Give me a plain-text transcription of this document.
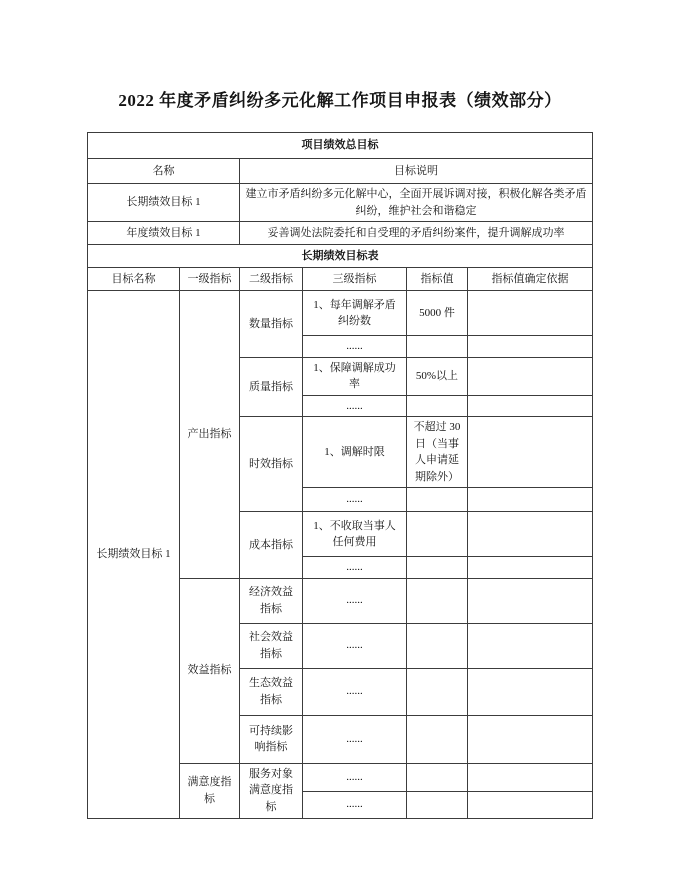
2022 年度矛盾纠纷多元化解工作项目申报表（绩效部分）
项目绩效总目标					
名称		目标说明			
长期绩效目标 1		建立市矛盾纠纷多元化解中心，全面开展诉调对接，积极化解各类矛盾纠纷，维护社会和谐稳定			
年度绩效目标 1		妥善调处法院委托和自受理的矛盾纠纷案件，提升调解成功率			
长期绩效目标表					
目标名称	一级指标	二级指标	三级指标	指标值	指标值确定依据
长期绩效目标 1	产出指标	数量指标	1、每年调解矛盾纠纷数	5000 件	
			......		
		质量指标	1、保障调解成功率	50%以上	
			......		
		时效指标	1、调解时限	不超过 30 日（当事人申请延期除外）	
			......		
		成本指标	1、不收取当事人任何费用		
			......		
	效益指标	经济效益指标	......		
		社会效益指标	......		
		生态效益指标	......		
		可持续影响指标	......		
	满意度指标	服务对象满意度指标	......		
			......		
